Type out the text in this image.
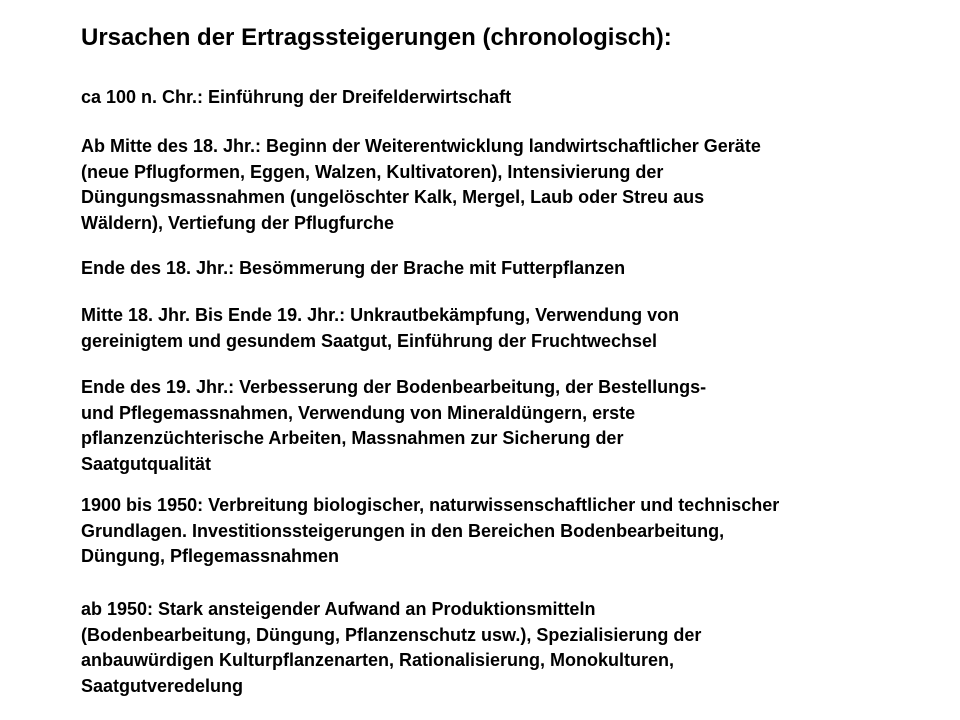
Ursachen der Ertragssteigerungen (chronologisch):

ca 100 n. Chr.: Einführung der Dreifelderwirtschaft

Ab Mitte des 18. Jhr.: Beginn der Weiterentwicklung landwirtschaftlicher Geräte
(neue Pflugformen, Eggen, Walzen, Kultivatoren), Intensivierung der
Düngungsmassnahmen (ungelöschter Kalk, Mergel, Laub oder Streu aus
Wäldern), Vertiefung der Pflugfurche

Ende des 18. Jhr.: Besömmerung der Brache mit Futterpflanzen

Mitte 18. Jhr. Bis Ende 19. Jhr.: Unkrautbekämpfung, Verwendung von
gereinigtem und gesundem Saatgut, Einführung der Fruchtwechsel

Ende des 19. Jhr.: Verbesserung der Bodenbearbeitung, der Bestellungs-
und Pflegemassnahmen, Verwendung von Mineraldüngern, erste
pflanzenzüchterische Arbeiten, Massnahmen zur Sicherung der
Saatgutqualität

1900 bis 1950: Verbreitung biologischer, naturwissenschaftlicher und technischer
Grundlagen. Investitionssteigerungen in den Bereichen Bodenbearbeitung,
Düngung, Pflegemassnahmen

ab 1950: Stark ansteigender Aufwand an Produktionsmitteln
(Bodenbearbeitung, Düngung, Pflanzenschutz usw.), Spezialisierung der
anbauwürdigen Kulturpflanzenarten, Rationalisierung, Monokulturen,
Saatgutveredelung
